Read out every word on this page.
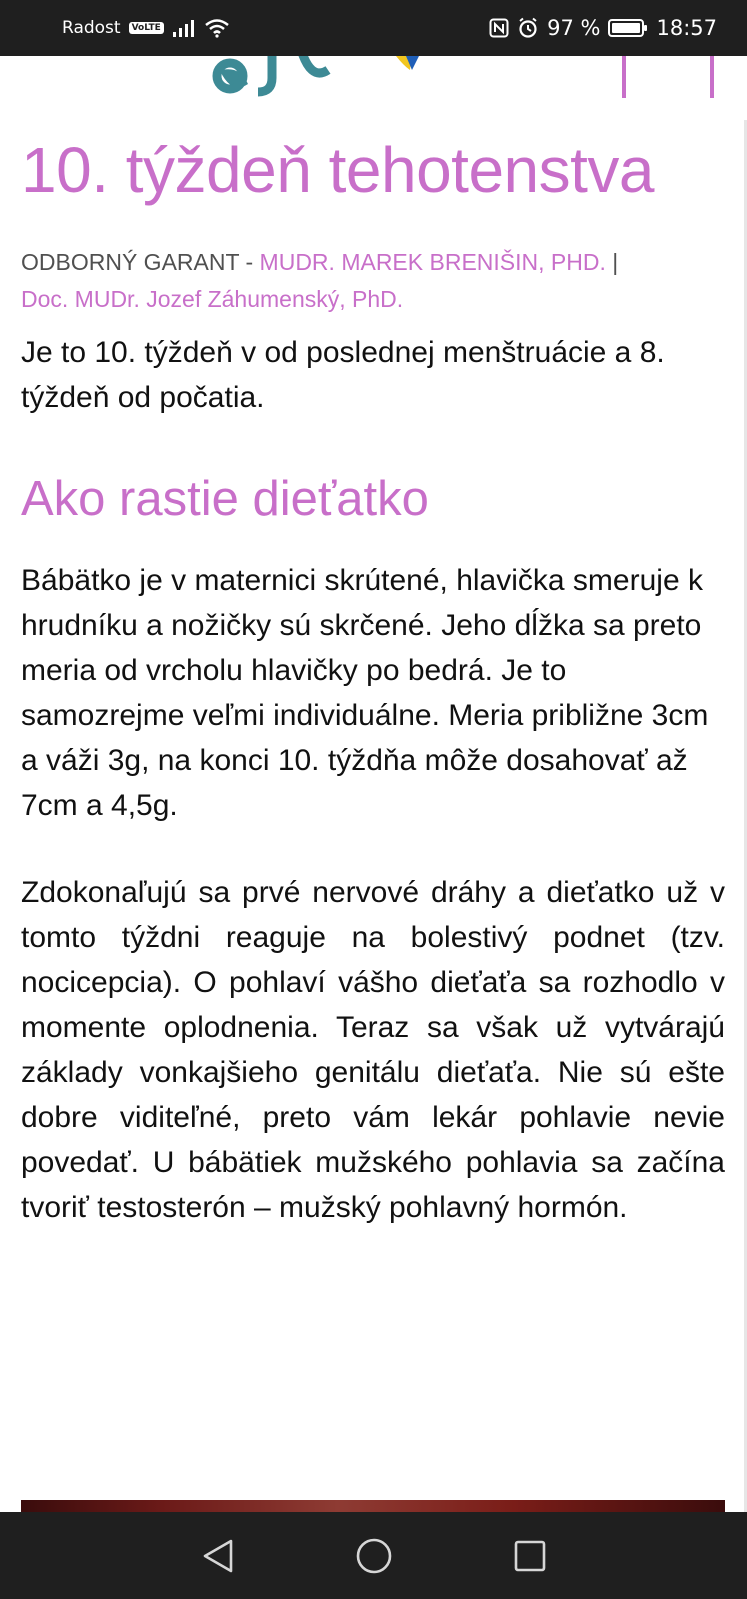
Radost	VoLTE	97 %	18:57
10. týždeň tehotenstva
ODBORNÝ GARANT - MUDR. MAREK BRENIŠIN, PHD. |
Doc. MUDr. Jozef Záhumenský, PhD.

Je to 10. týždeň v od poslednej menštruácie a 8. týždeň od počatia.

Ako rastie dieťatko

Bábätko je v maternici skrútené, hlavička smeruje k hrudníku a nožičky sú skrčené. Jeho dĺžka sa preto meria od vrcholu hlavičky po bedrá. Je to samozrejme veľmi individuálne. Meria približne 3cm a váži 3g, na konci 10. týždňa môže dosahovať až 7cm a 4,5g.

Zdokonaľujú sa prvé nervové dráhy a dieťatko už v tomto týždni reaguje na bolestivý podnet (tzv. nocicepcia). O pohlaví vášho dieťaťa sa rozhodlo v momente oplodnenia. Teraz sa však už vytvárajú základy vonkajšieho genitálu dieťaťa. Nie sú ešte dobre viditeľné, preto vám lekár pohlavie nevie povedať. U bábätiek mužského pohlavia sa začína tvoriť testosterón – mužský pohlavný hormón.
